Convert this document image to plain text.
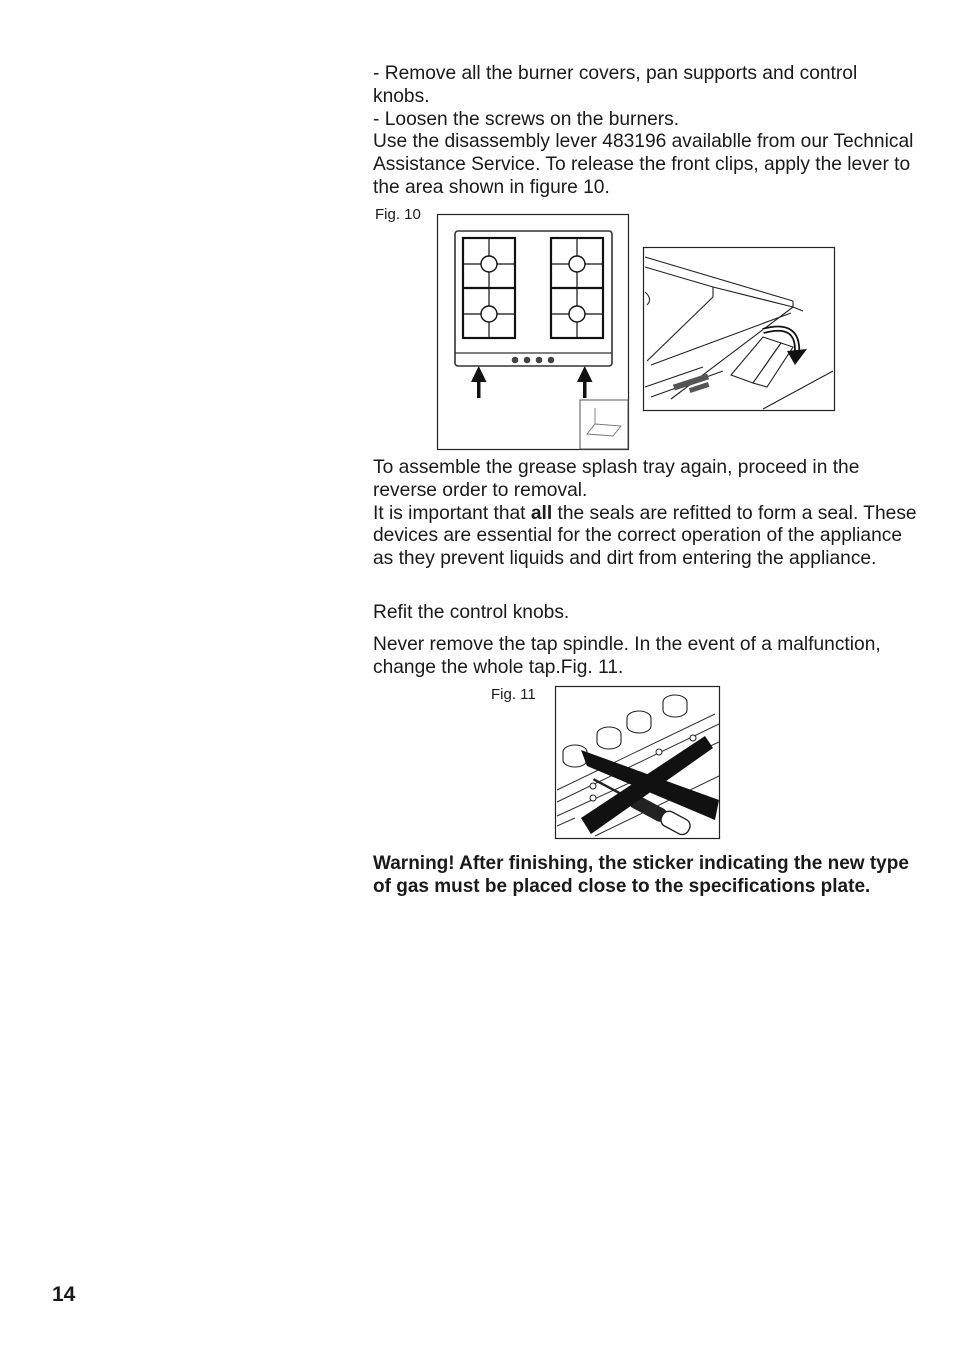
- Remove all the burner covers, pan supports and control knobs.

- Loosen the screws on the burners.

Use the disassembly lever 483196 availablle from our Technical Assistance Service. To release the front clips, apply the lever to the area shown in figure 10.

Fig. 10

To assemble the grease splash tray again, proceed in the reverse order to removal.

It is important that all the seals are refitted to form a seal. These devices are essential for the correct operation of the appliance as they prevent liquids and dirt from entering the appliance.

Refit the control knobs.
Never remove the tap spindle. In the event of a malfunction, change the whole tap.Fig. 11.
Fig. 11
Warning! After finishing, the sticker indicating the new type of gas must be placed close to the specifications plate.
14
